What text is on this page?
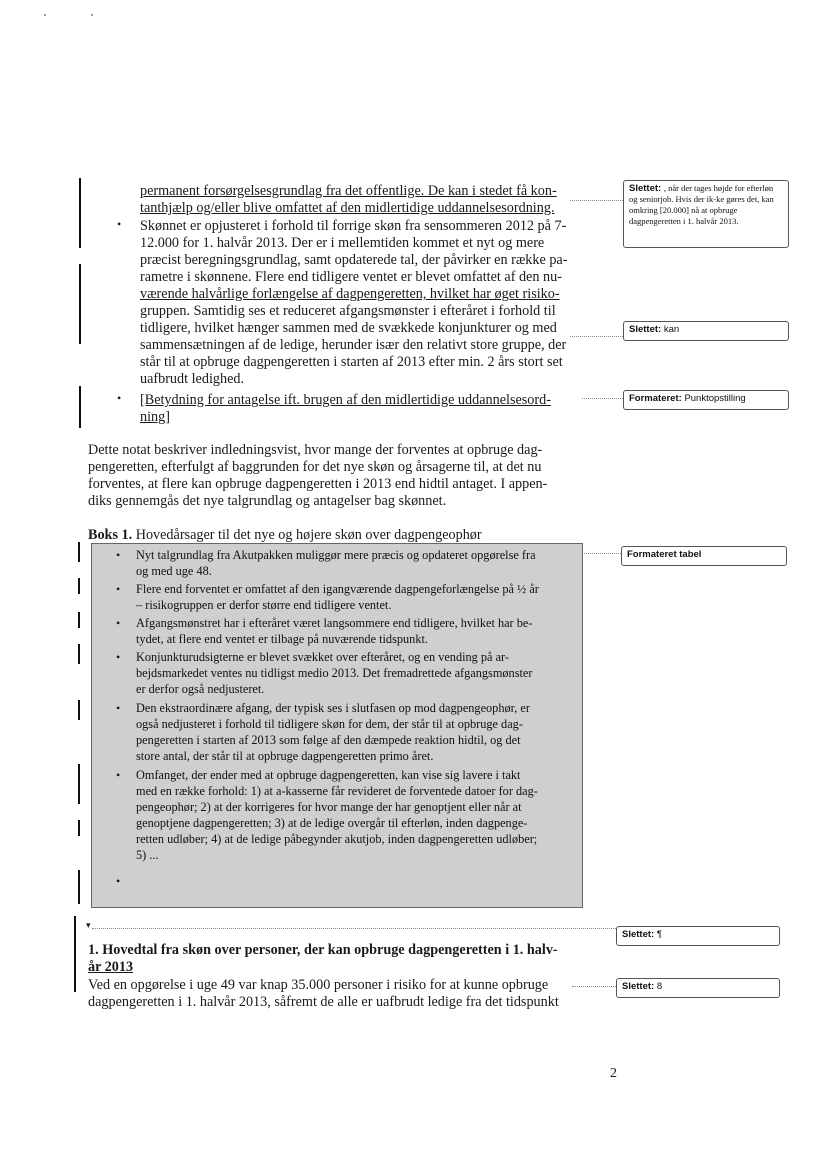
permanent forsørgelsesgrundlag fra det offentlige. De kan i stedet få kon-
tanthjælp og/eller blive omfattet af den midlertidige uddannelsesordning.
• Skønnet er opjusteret i forhold til forrige skøn fra sensommeren 2012 på 7-
12.000 for 1. halvår 2013. Der er i mellemtiden kommet et nyt og mere
præcist beregningsgrundlag, samt opdaterede tal, der påvirker en række pa-
rametre i skønnene. Flere end tidligere ventet er blevet omfattet af den nu-
værende halvårlige forlængelse af dagpengeretten, hvilket har øget risiko-
gruppen. Samtidig ses et reduceret afgangsmønster i efteråret i forhold til
tidligere, hvilket hænger sammen med de svækkede konjunkturer og med
sammensætningen af de ledige, herunder især den relativt store gruppe, der
står til at opbruge dagpengeretten i starten af 2013 efter min. 2 års stort set
uafbrudt ledighed.
• [Betydning for antagelse ift. brugen af den midlertidige uddannelsesord-
ning]
Dette notat beskriver indledningsvist, hvor mange der forventes at opbruge dag-
pengeretten, efterfulgt af baggrunden for det nye skøn og årsagerne til, at det nu
forventes, at flere kan opbruge dagpengeretten i 2013 end hidtil antaget. I appen-
diks gennemgås det nye talgrundlag og antagelser bag skønnet.
Boks 1. Hovedårsager til det nye og højere skøn over dagpengeophør
• Nyt talgrundlag fra Akutpakken muliggør mere præcis og opdateret opgørelse fra
og med uge 48.
• Flere end forventet er omfattet af den igangværende dagpengeforlængelse på ½ år
– risikogruppen er derfor større end tidligere ventet.
• Afgangsmønstret har i efteråret været langsommere end tidligere, hvilket har be-
tydet, at flere end ventet er tilbage på nuværende tidspunkt.
• Konjunkturudsigterne er blevet svækket over efteråret, og en vending på ar-
bejdsmarkedet ventes nu tidligst medio 2013. Det fremadrettede afgangsmønster
er derfor også nedjusteret.
• Den ekstraordinære afgang, der typisk ses i slutfasen op mod dagpengeophør, er
også nedjusteret i forhold til tidligere skøn for dem, der står til at opbruge dag-
pengeretten i starten af 2013 som følge af den dæmpede reaktion hidtil, og det
store antal, der står til at opbruge dagpengeretten primo året.
• Omfanget, der ender med at opbruge dagpengeretten, kan vise sig lavere i takt
med en række forhold: 1) at a-kasserne får revideret de forventede datoer for dag-
pengeophør; 2) at der korrigeres for hvor mange der har genoptjent eller når at
genoptjene dagpengeretten; 3) at de ledige overgår til efterløn, inden dagpenge-
retten udløber; 4) at de ledige påbegynder akutjob, inden dagpengeretten udløber;
5) ...
•
▾
1. Hovedtal fra skøn over personer, der kan opbruge dagpengeretten i 1. halv-
år 2013
Ved en opgørelse i uge 49 var knap 35.000 personer i risiko for at kunne opbruge
dagpengeretten i 1. halvår 2013, såfremt de alle er uafbrudt ledige fra det tidspunkt
Slettet: , når der tages højde for efterløn og seniorjob. Hvis der ik-ke gøres det, kan omkring [20.000] nå at opbruge dagpengeretten i 1. halvår 2013.
Slettet: kan
Formateret: Punktopstilling
Formateret tabel
Slettet: ¶
Slettet: 8
2
